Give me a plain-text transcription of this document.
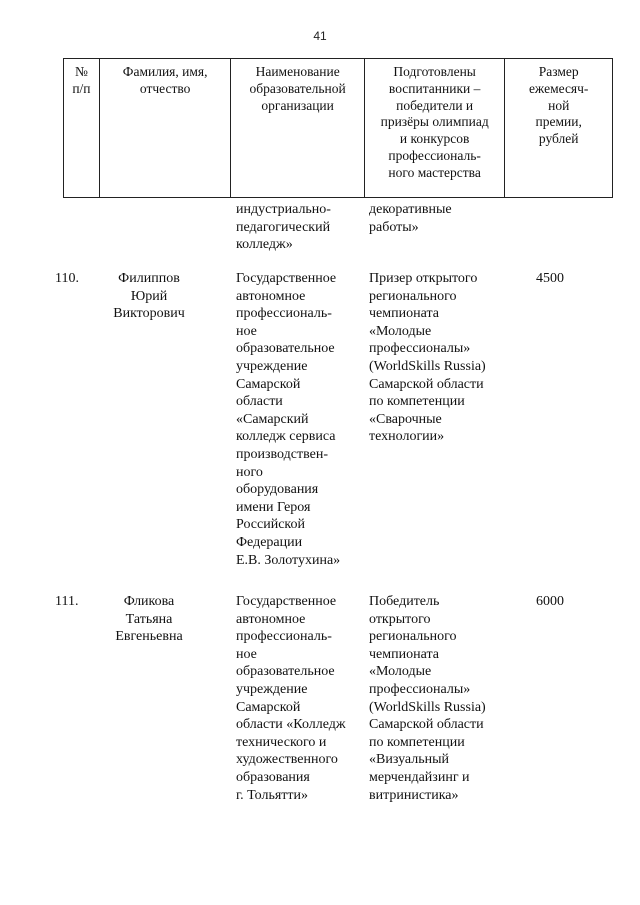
41
№
п/п
Фамилия, имя,
отчество
Наименование
образовательной
организации
Подготовлены
воспитанники –
победители и
призёры олимпиад
и конкурсов
профессиональ-
ного мастерства
Размер
ежемесяч-
ной
премии,
рублей
индустриально-
педагогический
колледж»
декоративные
работы»
110.	Филиппов
Юрий
Викторович
Государственное
автономное
профессиональ-
ное
образовательное
учреждение
Самарской
области
«Самарский
колледж сервиса
производствен-
ного
оборудования
имени Героя
Российской
Федерации
Е.В. Золотухина»
Призер открытого
регионального
чемпионата
«Молодые
профессионалы»
(WorldSkills Russia)
Самарской области
по компетенции
«Сварочные
технологии»
4500
111.	Фликова
Татьяна
Евгеньевна
Государственное
автономное
профессиональ-
ное
образовательное
учреждение
Самарской
области «Колледж
технического и
художественного
образования
г. Тольятти»
Победитель
открытого
регионального
чемпионата
«Молодые
профессионалы»
(WorldSkills Russia)
Самарской области
по компетенции
«Визуальный
мерчендайзинг и
витринистика»
6000
